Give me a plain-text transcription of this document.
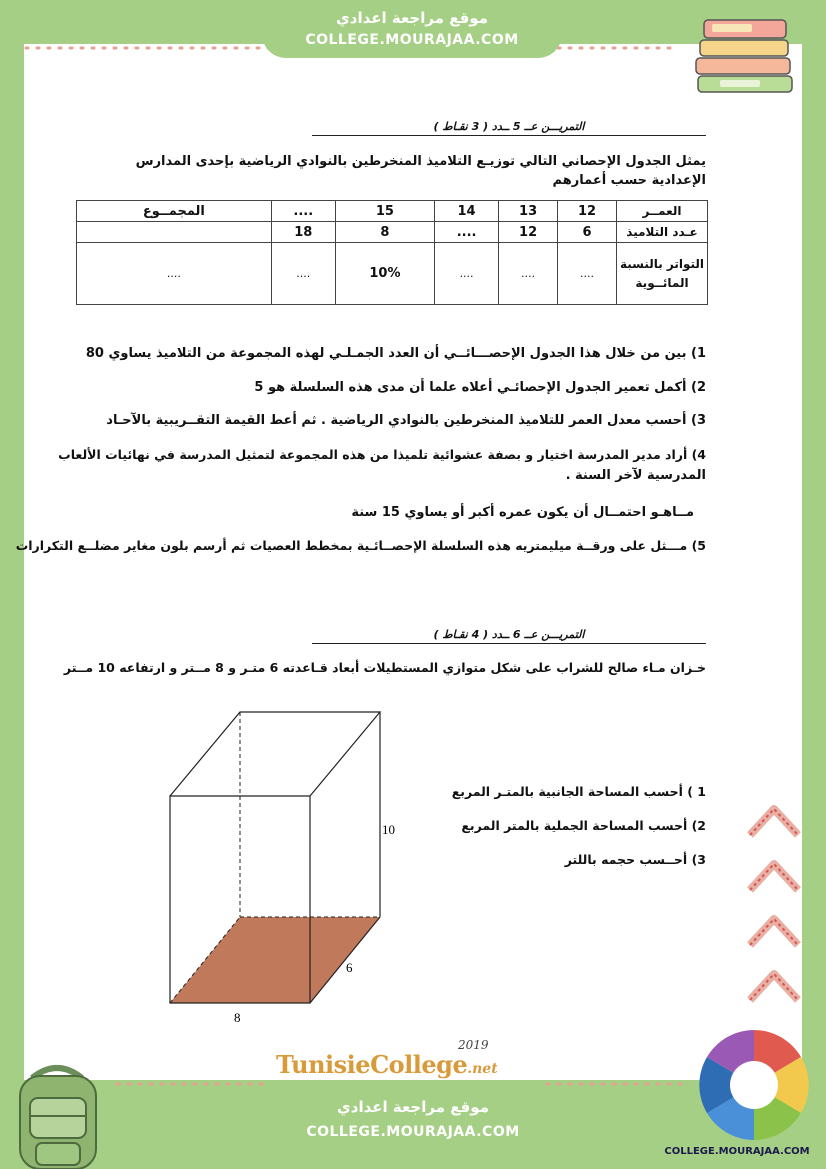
موقع مراجعة اعدادي
COLLEGE.MOURAJAA.COM
التمريـــن عــ 5 ــدد ( 3 نقـاط )
يمثل الجدول الإحصاني التالي توزيـع التلاميذ المنخرطين بالنوادي الرياضية بإحدى المدارس الإعدادية حسب أعمارهم
العمــر	12	13	14	15	....	المجمــوع
عـدد التلاميذ	6	12	....	8	18	
التواتر بالنسبة المائــوية	....	....	....	10%	....	....
1) بين من خلال هذا الجدول الإحصـــائــي أن العدد الجمـلـي لهذه المجموعة من التلاميذ يساوي 80
2) أكمل تعمير الجدول الإحصائـي أعلاه علما أن مدى هذه السلسلة هو 5
3) أحسب معدل العمر للتلاميذ المنخرطين بالنوادي الرياضية . ثم أعط القيمة التقــريبية بالآحـاد
4) أراد مدير المدرسة اختيار و بصفة عشوائية تلميذا من هذه المجموعة لتمثيل المدرسة في نهائيات الألعاب
المدرسية لآخر السنة .
مــاهـو احتمــال أن يكون عمره أكبر أو يساوي 15 سنة
5) مـــثل على ورقــة ميليمتريه هذه السلسلة الإحصــائـية بمخطط العصيات ثم أرسم بلون مغاير مضلــع التكرارات
التمريـــن عــ 6 ــدد ( 4 نقـاط )
خـزان مـاء صالح للشراب على شكل متوازي المستطيلات أبعاد قـاعدته 6 متـر و 8 مــتر و ارتفاعه 10 مــتر
10
6
8
1 ) أحسب المساحة الجانبية بالمتـر المربع
2) أحسب المساحة الجملية بالمتر المربع
3) أحــسب حجمه باللتر
TunisieCollege.net
2019
موقع مراجعة اعدادي
COLLEGE.MOURAJAA.COM
COLLEGE.MOURAJAA.COM
